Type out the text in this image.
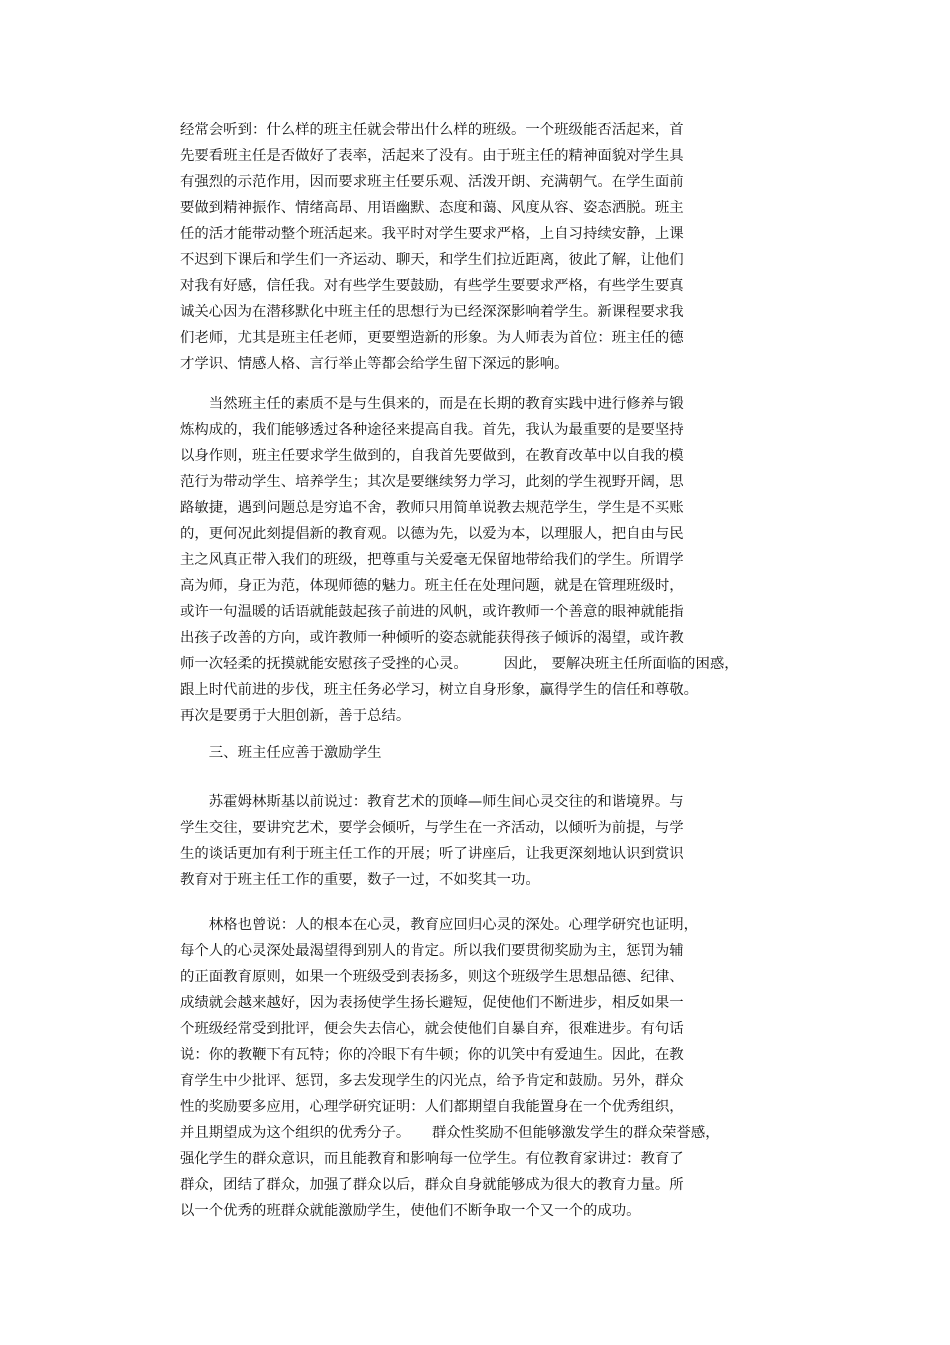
经常会听到：什么样的班主任就会带出什么样的班级。一个班级能否活起来，首
先要看班主任是否做好了表率，活起来了没有。由于班主任的精神面貌对学生具
有强烈的示范作用，因而要求班主任要乐观、活泼开朗、充满朝气。在学生面前
要做到精神振作、情绪高昂、用语幽默、态度和蔼、风度从容、姿态洒脱。班主
任的活才能带动整个班活起来。我平时对学生要求严格，上自习持续安静，上课
不迟到下课后和学生们一齐运动、聊天，和学生们拉近距离，彼此了解，让他们
对我有好感，信任我。对有些学生要鼓励，有些学生要要求严格，有些学生要真
诚关心因为在潜移默化中班主任的思想行为已经深深影响着学生。新课程要求我
们老师，尤其是班主任老师，更要塑造新的形象。为人师表为首位：班主任的德
才学识、情感人格、言行举止等都会给学生留下深远的影响。
　　当然班主任的素质不是与生俱来的，而是在长期的教育实践中进行修养与锻
炼构成的，我们能够透过各种途径来提高自我。首先，我认为最重要的是要坚持
以身作则，班主任要求学生做到的，自我首先要做到，在教育改革中以自我的模
范行为带动学生、培养学生；其次是要继续努力学习，此刻的学生视野开阔，思
路敏捷，遇到问题总是穷追不舍，教师只用简单说教去规范学生，学生是不买账
的，更何况此刻提倡新的教育观。以德为先，以爱为本，以理服人，把自由与民
主之风真正带入我们的班级，把尊重与关爱毫无保留地带给我们的学生。所谓学
高为师，身正为范，体现师德的魅力。班主任在处理问题，就是在管理班级时，
或许一句温暖的话语就能鼓起孩子前进的风帆，或许教师一个善意的眼神就能指
出孩子改善的方向，或许教师一种倾听的姿态就能获得孩子倾诉的渴望，或许教
师一次轻柔的抚摸就能安慰孩子受挫的心灵。　　　因此， 要解决班主任所面临的困惑，
跟上时代前进的步伐，班主任务必学习，树立自身形象，赢得学生的信任和尊敬。
再次是要勇于大胆创新，善于总结。
　　三、班主任应善于激励学生
　　苏霍姆林斯基以前说过：教育艺术的顶峰—师生间心灵交往的和谐境界。与
学生交往，要讲究艺术，要学会倾听，与学生在一齐活动，以倾听为前提，与学
生的谈话更加有利于班主任工作的开展；听了讲座后，让我更深刻地认识到赏识
教育对于班主任工作的重要，数子一过，不如奖其一功。
　　林格也曾说：人的根本在心灵，教育应回归心灵的深处。心理学研究也证明，
每个人的心灵深处最渴望得到别人的肯定。所以我们要贯彻奖励为主，惩罚为辅
的正面教育原则，如果一个班级受到表扬多，则这个班级学生思想品德、纪律、
成绩就会越来越好，因为表扬使学生扬长避短，促使他们不断进步，相反如果一
个班级经常受到批评，便会失去信心，就会使他们自暴自弃，很难进步。有句话
说：你的教鞭下有瓦特；你的冷眼下有牛顿；你的讥笑中有爱迪生。因此，在教
育学生中少批评、惩罚，多去发现学生的闪光点，给予肯定和鼓励。另外，群众
性的奖励要多应用，心理学研究证明：人们都期望自我能置身在一个优秀组织，
并且期望成为这个组织的优秀分子。　　群众性奖励不但能够激发学生的群众荣誉感，
强化学生的群众意识，而且能教育和影响每一位学生。有位教育家讲过：教育了
群众，团结了群众，加强了群众以后，群众自身就能够成为很大的教育力量。所
以一个优秀的班群众就能激励学生，使他们不断争取一个又一个的成功。
